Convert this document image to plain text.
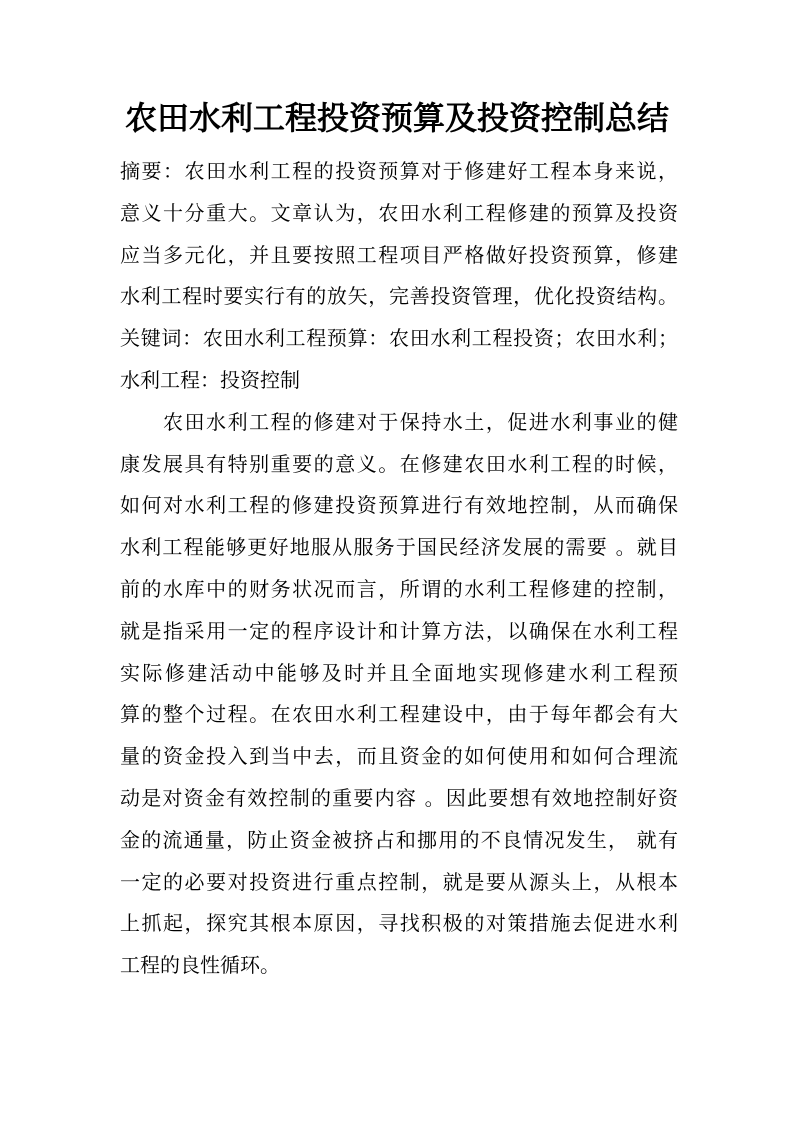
农田水利工程投资预算及投资控制总结
摘要：农田水利工程的投资预算对于修建好工程本身来说，
意义十分重大。文章认为，农田水利工程修建的预算及投资
应当多元化，并且要按照工程项目严格做好投资预算，修建
水利工程时要实行有的放矢，完善投资管理，优化投资结构。
关键词：农田水利工程预算：农田水利工程投资；农田水利；
水利工程：投资控制
农田水利工程的修建对于保持水土，促进水利事业的健
康发展具有特别重要的意义。在修建农田水利工程的时候，
如何对水利工程的修建投资预算进行有效地控制，从而确保
水利工程能够更好地服从服务于国民经济发展的需要 。就目
前的水库中的财务状况而言，所谓的水利工程修建的控制，
就是指采用一定的程序设计和计算方法，以确保在水利工程
实际修建活动中能够及时并且全面地实现修建水利工程预
算的整个过程。在农田水利工程建设中，由于每年都会有大
量的资金投入到当中去，而且资金的如何使用和如何合理流
动是对资金有效控制的重要内容 。因此要想有效地控制好资
金的流通量，防止资金被挤占和挪用的不良情况发生， 就有
一定的必要对投资进行重点控制，就是要从源头上，从根本
上抓起，探究其根本原因，寻找积极的对策措施去促进水利
工程的良性循环。
